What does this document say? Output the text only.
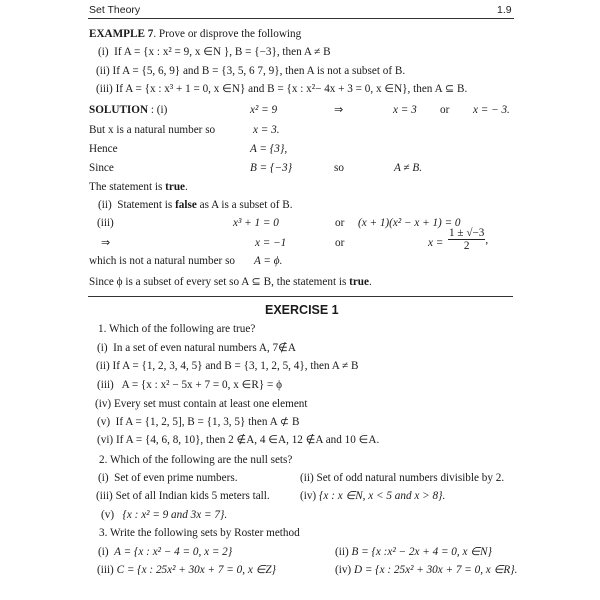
Set Theory	1.9
EXAMPLE 7. Prove or disprove the following
(i) If A = {x : x² = 9, x ∈N }, B = {−3}, then A ≠ B
(ii) If A = {5, 6, 9} and B = {3, 5, 6 7, 9}, then A is not a subset of B.
(iii) If A = {x : x³ + 1 = 0, x ∈N} and B = {x : x²− 4x + 3 = 0, x ∈N}, then A ⊆ B.
SOLUTION : (i)	x² = 9	⇒	x = 3 or x = − 3.
But x is a natural number so	x = 3.
Hence	A = {3},
Since	B = {−3}	so	A ≠ B.
The statement is true.
(ii) Statement is false as A is a subset of B.
(iii)	x³ + 1 = 0	or (x + 1)(x² − x + 1) = 0
⇒	x = −1	or	$x = \frac{1 \pm √-3}{2}$ ,
which is not a natural number so A = ϕ.
Since ϕ is a subset of every set so A ⊆ B, the statement is true.
EXERCISE 1
1. Which of the following are true?
(i) In a set of even natural numbers A, 7∉A
(ii) If A = {1, 2, 3, 4, 5} and B = {3, 1, 2, 5, 4}, then A ≠ B
(iii) A = {x : x² − 5x + 7 = 0, x ∈R} = ϕ
(iv) Every set must contain at least one element
(v) If A = {1, 2, 5], B = {1, 3, 5} then A ⊄ B
(vi) If A = {4, 6, 8, 10}, then 2 ∉A, 4 ∈A, 12 ∉A and 10 ∈A.
2. Which of the following are the null sets?
(i) Set of even prime numbers.	(ii) Set of odd natural numbers divisible by 2.
(iii) Set of all Indian kids 5 meters tall.	(iv) {x : x ∈N, x < 5 and x > 8}.
(v) {x : x² = 9 and 3x = 7}.
3. Write the following sets by Roster method
(i) A = {x : x² − 4 = 0, x = 2}	(ii) B = {x :x² − 2x + 4 = 0, x ∈N}
(iii) C = {x : 25x² + 30x + 7 = 0, x ∈Z}	(iv) D = {x : 25x² + 30x + 7 = 0, x ∈R}.
